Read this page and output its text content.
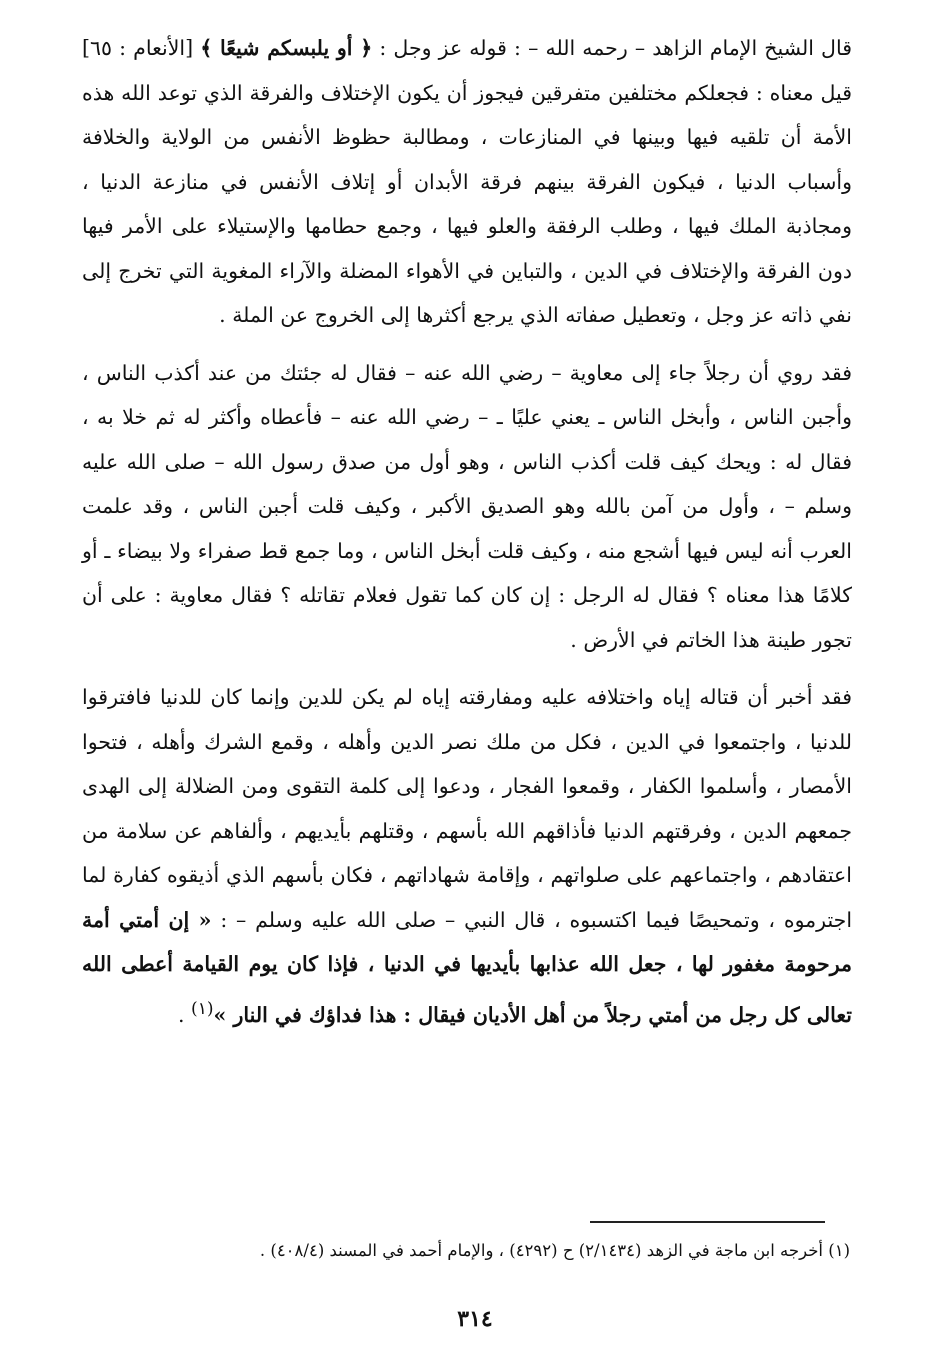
قال الشيخ الإمام الزاهد – رحمه الله – : قوله عز وجل : ﴿ أو يلبسكم شيعًا ﴾ [الأنعام : ٦٥] قيل معناه : فجعلكم مختلفين متفرقين فيجوز أن يكون الإختلاف والفرقة الذي توعد الله هذه الأمة أن تلقيه فيها وبينها في المنازعات ، ومطالبة حظوظ الأنفس من الولاية والخلافة وأسباب الدنيا ، فيكون الفرقة بينهم فرقة الأبدان أو إتلاف الأنفس في منازعة الدنيا ، ومجاذبة الملك فيها ، وطلب الرفقة والعلو فيها ، وجمع حطامها والإستيلاء على الأمر فيها دون الفرقة والإختلاف في الدين ، والتباين في الأهواء المضلة والآراء المغوية التي تخرج إلى نفي ذاته عز وجل ، وتعطيل صفاته الذي يرجع أكثرها إلى الخروج عن الملة .

فقد روي أن رجلاً جاء إلى معاوية – رضي الله عنه – فقال له جئتك من عند أكذب الناس ، وأجبن الناس ، وأبخل الناس ـ يعني عليًا ـ – رضي الله عنه – فأعطاه وأكثر له ثم خلا به ، فقال له : ويحك كيف قلت أكذب الناس ، وهو أول من صدق رسول الله – صلى الله عليه وسلم – ، وأول من آمن بالله وهو الصديق الأكبر ، وكيف قلت أجبن الناس ، وقد علمت العرب أنه ليس فيها أشجع منه ، وكيف قلت أبخل الناس ، وما جمع قط صفراء ولا بيضاء ـ أو كلامًا هذا معناه ؟ فقال له الرجل : إن كان كما تقول فعلام تقاتله ؟ فقال معاوية : على أن تجور طينة هذا الخاتم في الأرض .

فقد أخبر أن قتاله إياه واختلافه عليه ومفارقته إياه لم يكن للدين وإنما كان للدنيا فافترقوا للدنيا ، واجتمعوا في الدين ، فكل من ملك نصر الدين وأهله ، وقمع الشرك وأهله ، فتحوا الأمصار ، وأسلموا الكفار ، وقمعوا الفجار ، ودعوا إلى كلمة التقوى ومن الضلالة إلى الهدى جمعهم الدين ، وفرقتهم الدنيا فأذاقهم الله بأسهم ، وقتلهم بأيديهم ، وألفاهم عن سلامة من اعتقادهم ، واجتماعهم على صلواتهم ، وإقامة شهاداتهم ، فكان بأسهم الذي أذيقوه كفارة لما اجترموه ، وتمحيصًا فيما اكتسبوه ، قال النبي – صلى الله عليه وسلم – : « إن أمتي أمة مرحومة مغفور لها ، جعل الله عذابها بأيديها في الدنيا ، فإذا كان يوم القيامة أعطى الله تعالى كل رجل من أمتي رجلاً من أهل الأديان فيقال : هذا فداؤك في النار »$^{(١)}$ .

(١) أخرجه ابن ماجة في الزهد (٢/١٤٣٤) ح (٤٢٩٢) ، والإمام أحمد في المسند (٤٠٨/٤) .
٣١٤
